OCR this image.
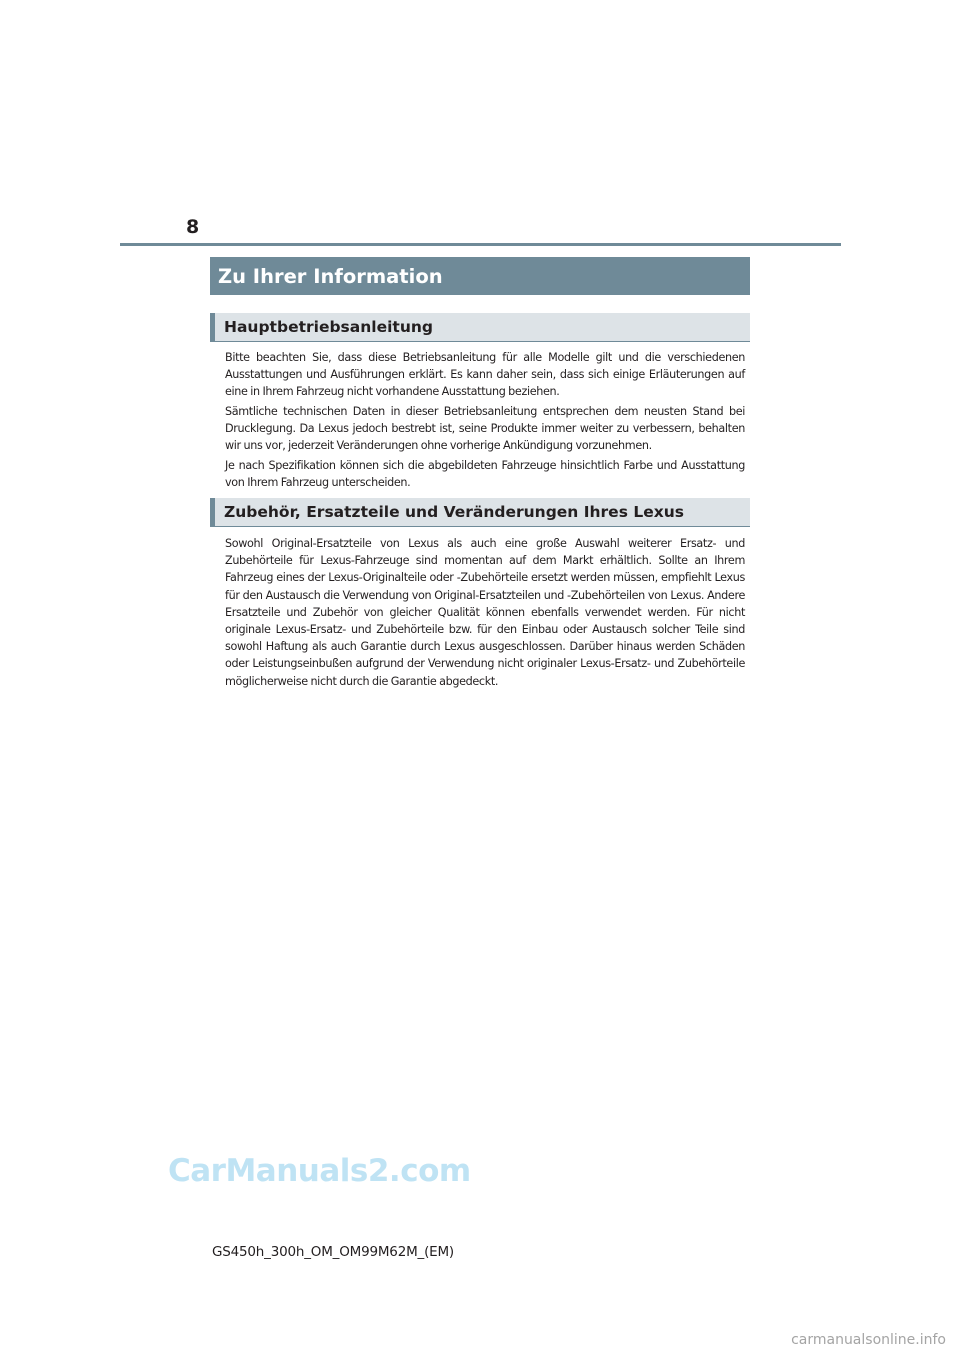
8
Zu Ihrer Information
Hauptbetriebsanleitung

Bitte beachten Sie, dass diese Betriebsanleitung für alle Modelle gilt und die verschiedenen Ausstattungen und Ausführungen erklärt. Es kann daher sein, dass sich einige Erläuterungen auf eine in Ihrem Fahrzeug nicht vorhandene Ausstattung beziehen.

Sämtliche technischen Daten in dieser Betriebsanleitung entsprechen dem neusten Stand bei Drucklegung. Da Lexus jedoch bestrebt ist, seine Produkte immer weiter zu verbessern, behalten wir uns vor, jederzeit Veränderungen ohne vorherige Ankündigung vorzunehmen.

Je nach Spezifikation können sich die abgebildeten Fahrzeuge hinsichtlich Farbe und Ausstattung von Ihrem Fahrzeug unterscheiden.

Zubehör, Ersatzteile und Veränderungen Ihres Lexus

Sowohl Original-Ersatzteile von Lexus als auch eine große Auswahl weiterer Ersatz- und Zubehörteile für Lexus-Fahrzeuge sind momentan auf dem Markt erhältlich. Sollte an Ihrem Fahrzeug eines der Lexus-Originalteile oder -Zubehörteile ersetzt werden müssen, empfiehlt Lexus für den Austausch die Verwendung von Original-Ersatzteilen und -Zubehörteilen von Lexus. Andere Ersatzteile und Zubehör von gleicher Qualität können ebenfalls verwendet werden. Für nicht originale Lexus-Ersatz- und Zubehörteile bzw. für den Einbau oder Austausch solcher Teile sind sowohl Haftung als auch Garantie durch Lexus ausgeschlossen. Darüber hinaus werden Schäden oder Leistungseinbußen aufgrund der Verwendung nicht originaler Lexus-Ersatz- und Zubehörteile möglicherweise nicht durch die Garantie abgedeckt.

CarManuals2.com
GS450h_300h_OM_OM99M62M_(EM)
carmanualsonline.info
